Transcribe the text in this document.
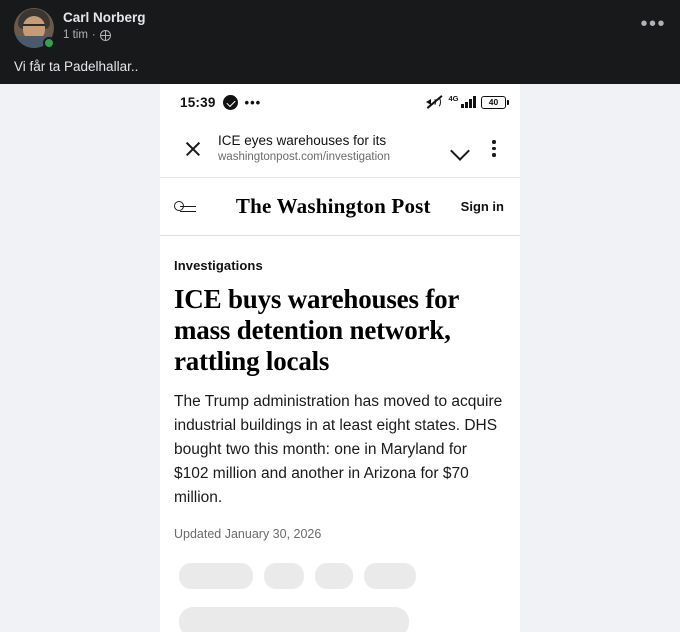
Carl Norberg
1 tim ·	•••
Vi får ta Padelhallar..
15:39 •••	4G	40
ICE eyes warehouses for its
washingtonpost.com/investigation
The Washington Post	Sign in
Investigations
ICE buys warehouses for mass detention network, rattling locals
The Trump administration has moved to acquire industrial buildings in at least eight states. DHS bought two this month: one in Maryland for $102 million and another in Arizona for $70 million.
Updated January 30, 2026
